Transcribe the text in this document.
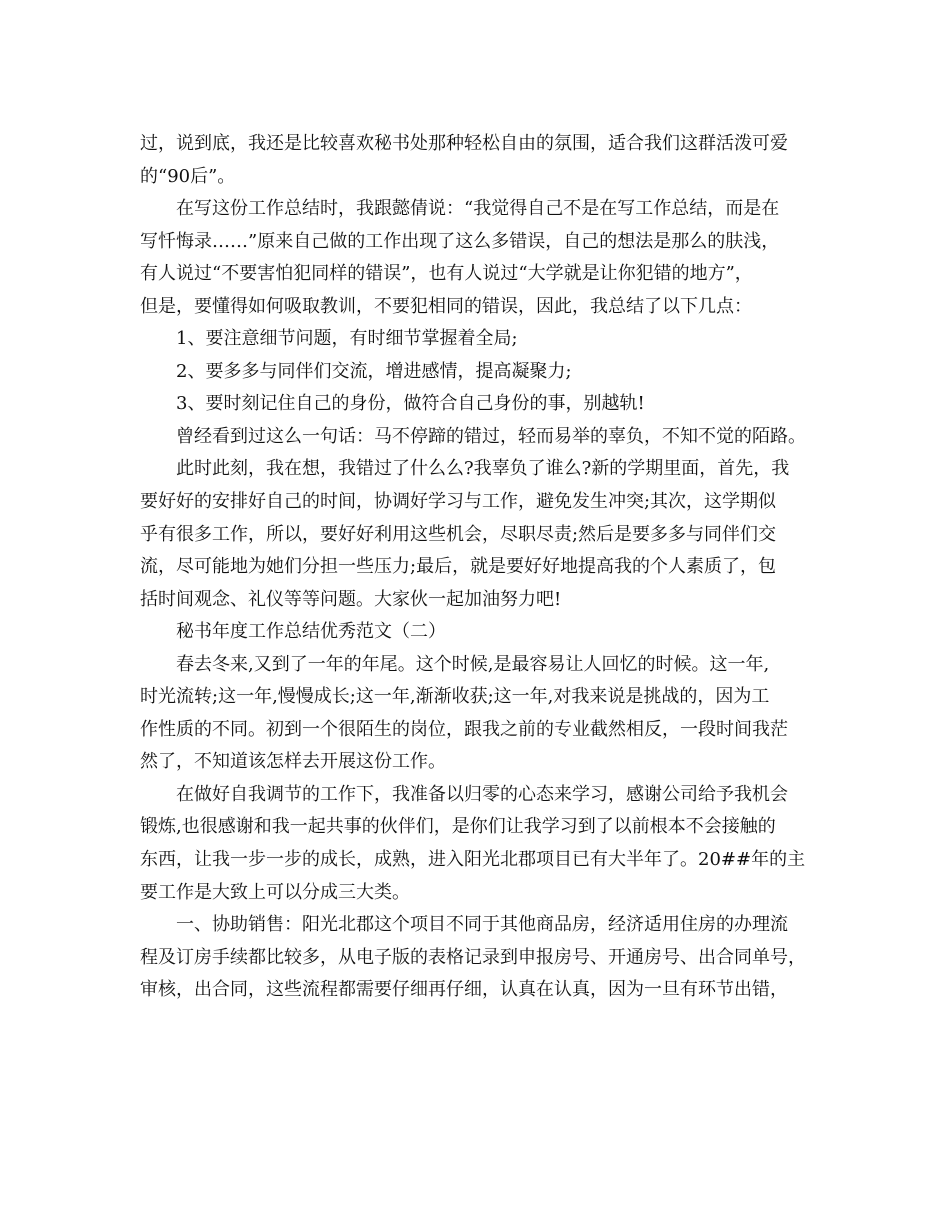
过，说到底，我还是比较喜欢秘书处那种轻松自由的氛围，适合我们这群活泼可爱
的“90后”。
在写这份工作总结时，我跟懿倩说：“我觉得自己不是在写工作总结，而是在
写忏悔录……”原来自己做的工作出现了这么多错误，自己的想法是那么的肤浅，
有人说过“不要害怕犯同样的错误”，也有人说过“大学就是让你犯错的地方”，
但是，要懂得如何吸取教训，不要犯相同的错误，因此，我总结了以下几点：
1、要注意细节问题，有时细节掌握着全局;
2、要多多与同伴们交流，增进感情，提高凝聚力;
3、要时刻记住自己的身份，做符合自己身份的事，别越轨!
曾经看到过这么一句话：马不停蹄的错过，轻而易举的辜负，不知不觉的陌路。
此时此刻，我在想，我错过了什么么?我辜负了谁么?新的学期里面，首先，我
要好好的安排好自己的时间，协调好学习与工作，避免发生冲突;其次，这学期似
乎有很多工作，所以，要好好利用这些机会，尽职尽责;然后是要多多与同伴们交
流，尽可能地为她们分担一些压力;最后，就是要好好地提高我的个人素质了，包
括时间观念、礼仪等等问题。大家伙一起加油努力吧!
秘书年度工作总结优秀范文（二）
春去冬来,又到了一年的年尾。这个时候,是最容易让人回忆的时候。这一年,
时光流转;这一年,慢慢成长;这一年,渐渐收获;这一年,对我来说是挑战的，因为工
作性质的不同。初到一个很陌生的岗位，跟我之前的专业截然相反，一段时间我茫
然了，不知道该怎样去开展这份工作。
在做好自我调节的工作下，我准备以归零的心态来学习，感谢公司给予我机会
锻炼,也很感谢和我一起共事的伙伴们，是你们让我学习到了以前根本不会接触的
东西，让我一步一步的成长，成熟，进入阳光北郡项目已有大半年了。20##年的主
要工作是大致上可以分成三大类。
一、协助销售：阳光北郡这个项目不同于其他商品房，经济适用住房的办理流
程及订房手续都比较多，从电子版的表格记录到申报房号、开通房号、出合同单号，
审核，出合同，这些流程都需要仔细再仔细，认真在认真，因为一旦有环节出错，
